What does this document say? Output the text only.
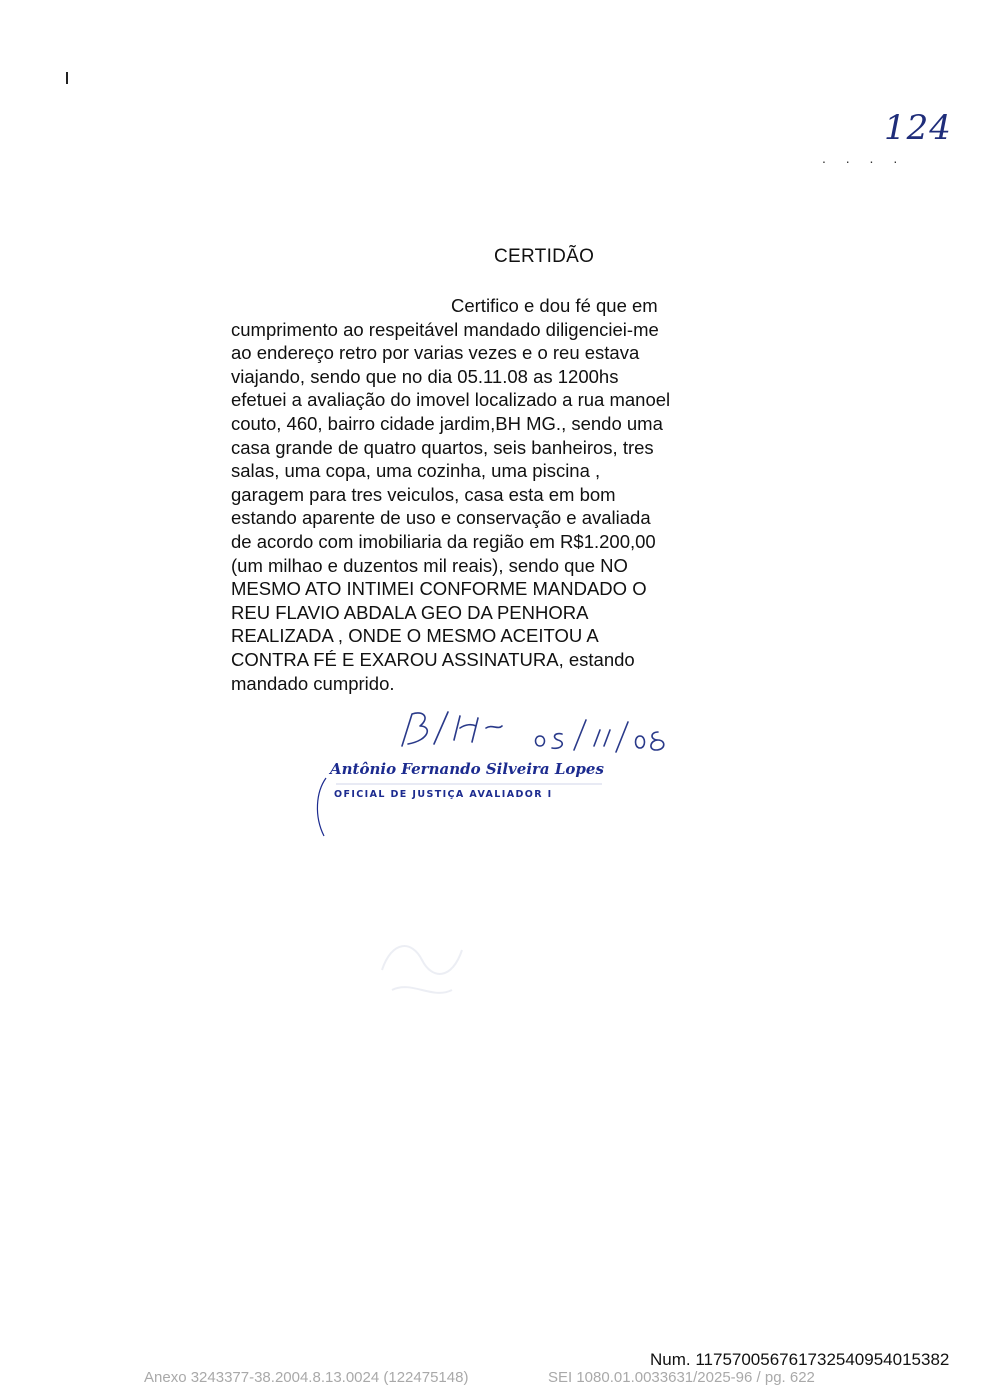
124
. . . .
CERTIDÃO
Certifico e dou fé que em
cumprimento ao respeitável mandado diligenciei-me
ao endereço retro por varias vezes e o reu estava
viajando, sendo que no dia 05.11.08 as 1200hs
efetuei a avaliação do imovel localizado a rua manoel
couto, 460, bairro cidade jardim,BH MG., sendo uma
casa grande de quatro quartos, seis banheiros, tres
salas, uma copa, uma cozinha, uma piscina ,
garagem para tres veiculos, casa esta em bom
estando aparente de uso e conservação e avaliada
de acordo com imobiliaria da região em R$1.200,00
(um milhao e duzentos mil reais), sendo que NO
MESMO ATO INTIMEI CONFORME MANDADO O
REU FLAVIO ABDALA GEO DA PENHORA
REALIZADA , ONDE O MESMO ACEITOU A
CONTRA FÉ E EXAROU ASSINATURA, estando
mandado cumprido.
Antônio Fernando Silveira Lopes
OFICIAL DE JUSTIÇA AVALIADOR I
Num. 117570056761732540954015382
Anexo 3243377-38.2004.8.13.0024 (122475148)	SEI 1080.01.0033631/2025-96 / pg. 622
